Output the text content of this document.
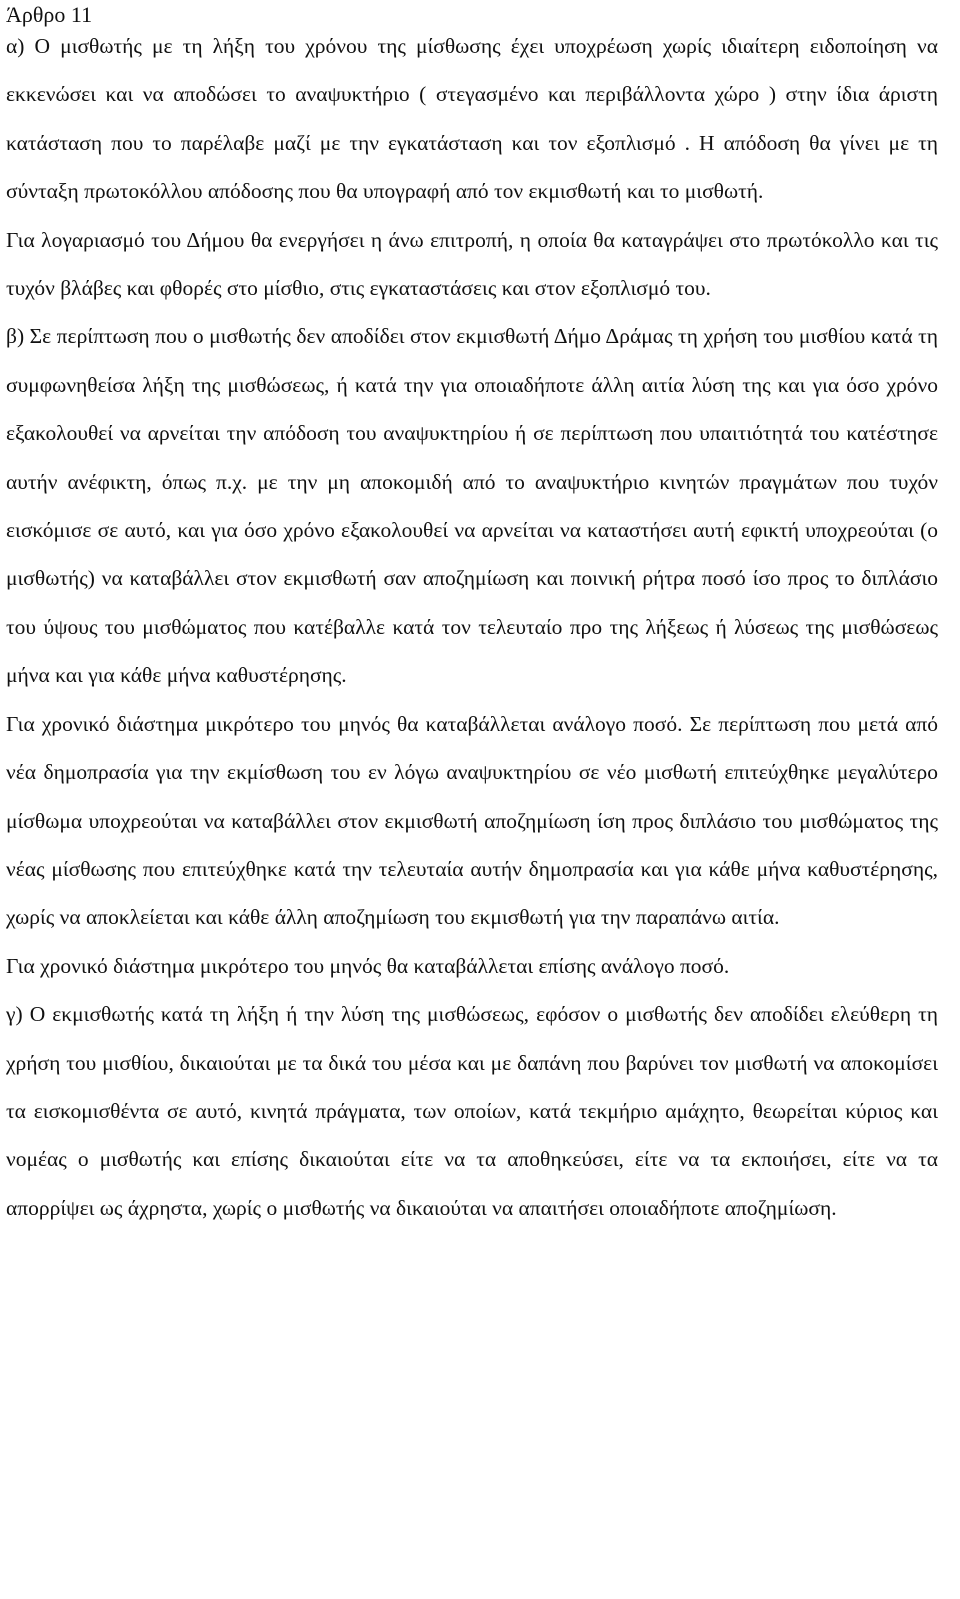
Άρθρο 11

α) Ο μισθωτής με τη λήξη του χρόνου της μίσθωσης έχει υποχρέωση χωρίς ιδιαίτερη ειδοποίηση να εκκενώσει και να αποδώσει το αναψυκτήριο ( στεγασμένο και περιβάλλοντα χώρο ) στην ίδια άριστη κατάσταση που το παρέλαβε μαζί με την εγκατάσταση και τον εξοπλισμό . Η απόδοση θα γίνει με τη σύνταξη πρωτοκόλλου απόδοσης που θα υπογραφή από τον εκμισθωτή και το μισθωτή.

Για λογαριασμό του Δήμου θα ενεργήσει η άνω επιτροπή, η οποία θα καταγράψει στο πρωτόκολλο και τις τυχόν βλάβες και φθορές στο μίσθιο, στις εγκαταστάσεις και στον εξοπλισμό του.

β) Σε περίπτωση που ο μισθωτής δεν αποδίδει στον εκμισθωτή Δήμο Δράμας τη χρήση του μισθίου κατά τη συμφωνηθείσα λήξη της μισθώσεως, ή κατά την για οποιαδήποτε άλλη αιτία λύση της και για όσο χρόνο εξακολουθεί να αρνείται την απόδοση του αναψυκτηρίου ή σε περίπτωση που υπαιτιότητά του κατέστησε αυτήν ανέφικτη, όπως π.χ. με την μη αποκομιδή από το αναψυκτήριο κινητών πραγμάτων που τυχόν εισκόμισε σε αυτό, και για όσο χρόνο εξακολουθεί να αρνείται να καταστήσει αυτή εφικτή υποχρεούται (ο μισθωτής) να καταβάλλει στον εκμισθωτή σαν αποζημίωση και ποινική ρήτρα ποσό ίσο προς το διπλάσιο του ύψους του μισθώματος που κατέβαλλε κατά τον τελευταίο προ της λήξεως ή λύσεως της μισθώσεως μήνα και για κάθε μήνα καθυστέρησης.

Για χρονικό διάστημα μικρότερο του μηνός θα καταβάλλεται ανάλογο ποσό. Σε περίπτωση που μετά από νέα δημοπρασία για την εκμίσθωση του εν λόγω αναψυκτηρίου σε νέο μισθωτή επιτεύχθηκε μεγαλύτερο μίσθωμα υποχρεούται να καταβάλλει στον εκμισθωτή αποζημίωση ίση προς διπλάσιο του μισθώματος της νέας μίσθωσης που επιτεύχθηκε κατά την τελευταία αυτήν δημοπρασία και για κάθε μήνα καθυστέρησης, χωρίς να αποκλείεται και κάθε άλλη αποζημίωση του εκμισθωτή για την παραπάνω αιτία.

Για χρονικό διάστημα μικρότερο του μηνός θα καταβάλλεται επίσης ανάλογο ποσό.

γ) Ο εκμισθωτής κατά τη λήξη ή την λύση της μισθώσεως, εφόσον ο μισθωτής δεν αποδίδει ελεύθερη τη χρήση του μισθίου, δικαιούται με τα δικά του μέσα και με δαπάνη που βαρύνει τον μισθωτή να αποκομίσει τα εισκομισθέντα σε αυτό, κινητά πράγματα, των οποίων, κατά τεκμήριο αμάχητο, θεωρείται κύριος και νομέας ο μισθωτής και επίσης δικαιούται είτε να τα αποθηκεύσει, είτε να τα εκποιήσει, είτε να τα απορρίψει ως άχρηστα, χωρίς ο μισθωτής να δικαιούται να απαιτήσει οποιαδήποτε αποζημίωση.
